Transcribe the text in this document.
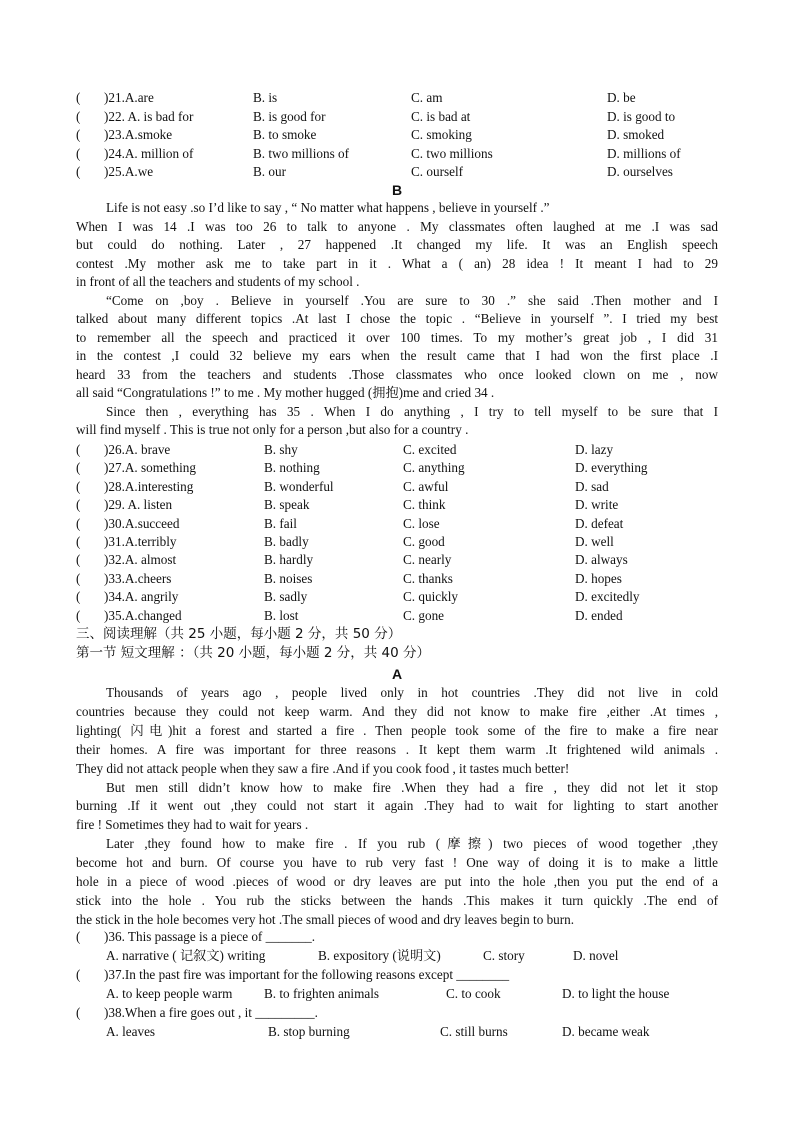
( )21.A.are	B. is	C. am	D. be
( )22. A. is bad for	B. is good for	C. is bad at	D. is good to
( )23.A.smoke	B. to smoke	C. smoking	D. smoked
( )24.A. million of	B. two millions of	C. two millions	D. millions of
( )25.A.we	B. our	C. ourself	D. ourselves
B
Life is not easy .so I’d like to say , “ No matter what happens , believe in yourself .”
When I was 14 .I was too 26 to talk to anyone . My classmates often laughed at me .I was sad
but could do nothing. Later , 27 happened .It changed my life. It was an English speech
contest .My mother ask me to take part in it . What a ( an) 28 idea ! It meant I had to 29
in front of all the teachers and students of my school .
“Come on ,boy . Believe in yourself .You are sure to 30 .” she said .Then mother and I
talked about many different topics .At last I chose the topic . “Believe in yourself ”. I tried my best
to remember all the speech and practiced it over 100 times. To my mother’s great job , I did 31
in the contest ,I could 32 believe my ears when the result came that I had won the first place .I
heard 33 from the teachers and students .Those classmates who once looked clown on me , now
all said “Congratulations !” to me . My mother hugged (拥抱)me and cried 34 .
Since then , everything has 35 . When I do anything , I try to tell myself to be sure that I
will find myself . This is true not only for a person ,but also for a country .
( )26.A. brave	B. shy	C. excited	D. lazy
( )27.A. something	B. nothing	C. anything	D. everything
( )28.A.interesting	B. wonderful	C. awful	D. sad
( )29. A. listen	B. speak	C. think	D. write
( )30.A.succeed	B. fail	C. lose	D. defeat
( )31.A.terribly	B. badly	C. good	D. well
( )32.A. almost	B. hardly	C. nearly	D. always
( )33.A.cheers	B. noises	C. thanks	D. hopes
( )34.A. angrily	B. sadly	C. quickly	D. excitedly
( )35.A.changed	B. lost	C. gone	D. ended
三、阅读理解（共 25 小题，每小题 2 分，共 50 分）
第一节 短文理解 ：（共 20 小题，每小题 2 分，共 40 分）
A
Thousands of years ago , people lived only in hot countries .They did not live in cold
countries because they could not keep warm. And they did not know to make fire ,either .At times ,
lighting( 闪电)hit a forest and started a fire . Then people took some of the fire to make a fire near
their homes. A fire was important for three reasons . It kept them warm .It frightened wild animals .
They did not attack people when they saw a fire .And if you cook food , it tastes much better!
But men still didn’t know how to make fire .When they had a fire , they did not let it stop
burning .If it went out ,they could not start it again .They had to wait for lighting to start another
fire ! Sometimes they had to wait for years .
Later ,they found how to make fire . If you rub (摩擦) two pieces of wood together ,they
become hot and burn. Of course you have to rub very fast ! One way of doing it is to make a little
hole in a piece of wood .pieces of wood or dry leaves are put into the hole ,then you put the end of a
stick into the hole . You rub the sticks between the hands .This makes it turn quickly .The end of
the stick in the hole becomes very hot .The small pieces of wood and dry leaves begin to burn.
( )36. This passage is a piece of _______.
A. narrative ( 记叙文) writing	B. expository (说明文)	C. story	D. novel
( )37.In the past fire was important for the following reasons except ________
A. to keep people warm B. to frighten animals	C. to cook	D. to light the house
( )38.When a fire goes out , it _________.
A. leaves	B. stop burning	C. still burns	D. became weak
